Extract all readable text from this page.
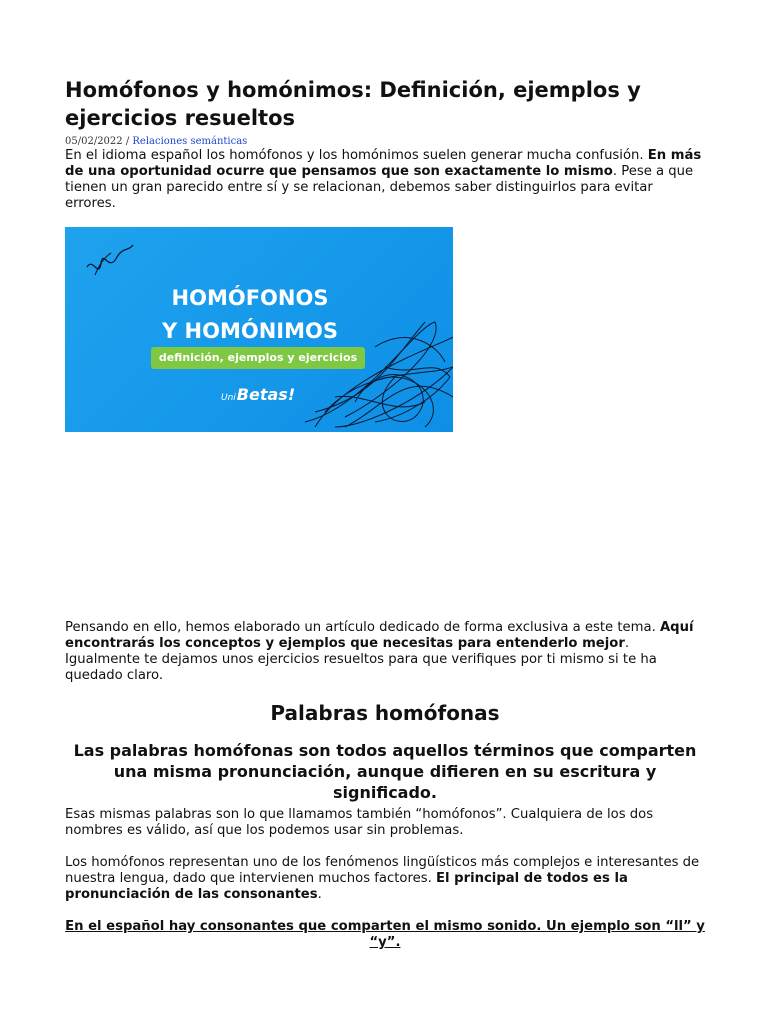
Homófonos y homónimos: Definición, ejemplos y ejercicios resueltos
05/02/2022 / Relaciones semánticas

En el idioma español los homófonos y los homónimos suelen generar mucha confusión. En más de una oportunidad ocurre que pensamos que son exactamente lo mismo. Pese a que tienen un gran parecido entre sí y se relacionan, debemos saber distinguirlos para evitar errores.

HOMÓFONOS
Y HOMÓNIMOS
definición, ejemplos y ejercicios
UniBetas!

Pensando en ello, hemos elaborado un artículo dedicado de forma exclusiva a este tema. Aquí encontrarás los conceptos y ejemplos que necesitas para entenderlo mejor. Igualmente te dejamos unos ejercicios resueltos para que verifiques por ti mismo si te ha quedado claro.

Palabras homófonas
Las palabras homófonas son todos aquellos términos que comparten una misma pronunciación, aunque difieren en su escritura y significado.

Esas mismas palabras son lo que llamamos también “homófonos”. Cualquiera de los dos nombres es válido, así que los podemos usar sin problemas.

Los homófonos representan uno de los fenómenos lingüísticos más complejos e interesantes de nuestra lengua, dado que intervienen muchos factores. El principal de todos es la pronunciación de las consonantes.

En el español hay consonantes que comparten el mismo sonido. Un ejemplo son “ll” y “y”.
